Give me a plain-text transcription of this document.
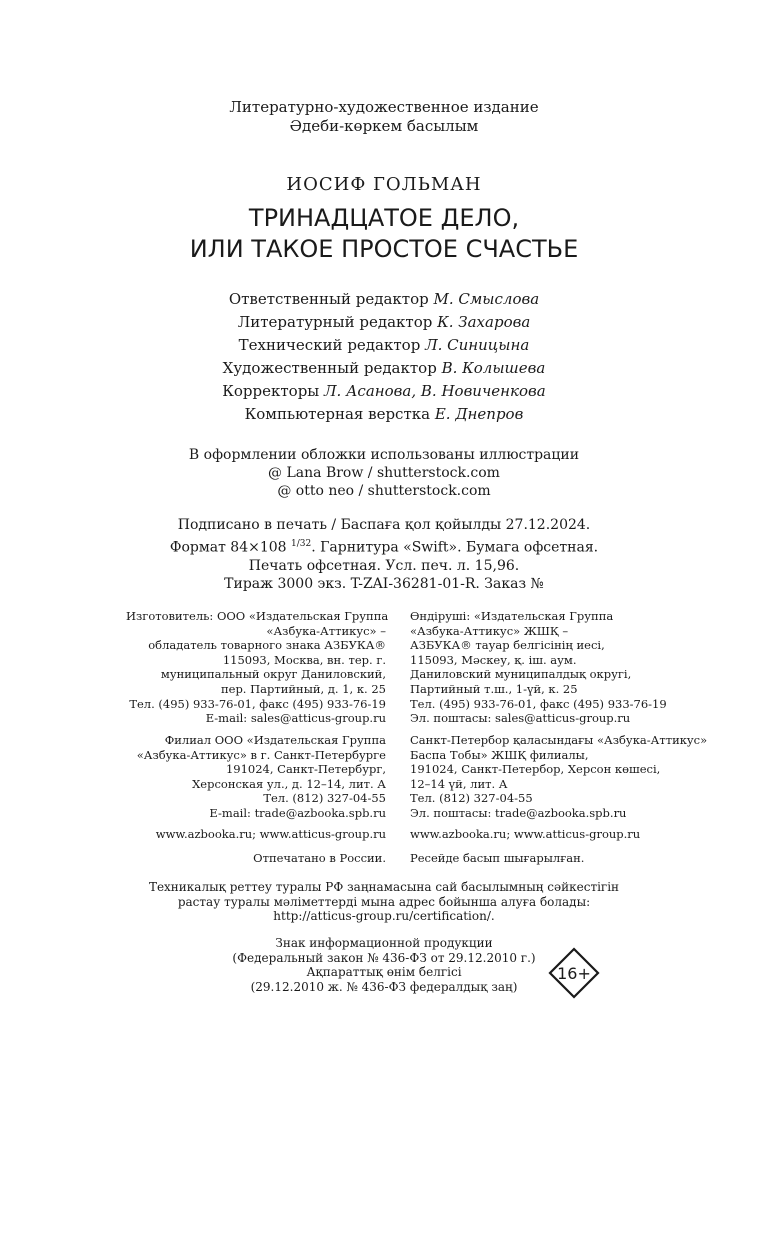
Литературно-художественное издание
Әдеби-көркем басылым
ИОСИФ ГОЛЬМАН
ТРИНАДЦАТОЕ ДЕЛО,
ИЛИ ТАКОЕ ПРОСТОЕ СЧАСТЬЕ
Ответственный редактор М. Смыслова
Литературный редактор К. Захарова
Технический редактор Л. Синицына
Художественный редактор В. Колышева
Корректоры Л. Асанова, В. Новиченкова
Компьютерная верстка Е. Днепров
В оформлении обложки использованы иллюстрации
@ Lana Brow / shutterstock.com
@ otto neo / shutterstock.com
Подписано в печать / Баспаға қол қойылды 27.12.2024.
Формат 84×108 $^{1/32}$. Гарнитура «Swift». Бумага офсетная.
Печать офсетная. Усл. печ. л. 15,96.
Тираж 3000 экз. T-ZAI-36281-01-R. Заказ №
Изготовитель: ООО «Издательская Группа
«Азбука-Аттикус» –
обладатель товарного знака АЗБУКА®
115093, Москва, вн. тер. г.
муниципальный округ Даниловский,
пер. Партийный, д. 1, к. 25
Тел. (495) 933-76-01, факс (495) 933-76-19
E-mail: sales@atticus-group.ru
Өндіруші: «Издательская Группа
«Азбука-Аттикус» ЖШҚ –
АЗБУКА® тауар белгісінің иесі,
115093, Мәскеу, қ. іш. аум.
Даниловский муниципалдық округі,
Партийный т.ш., 1-үй, к. 25
Тел. (495) 933-76-01, факс (495) 933-76-19
Эл. поштасы: sales@atticus-group.ru
Филиал ООО «Издательская Группа
«Азбука-Аттикус» в г. Санкт-Петербурге
191024, Санкт-Петербург,
Херсонская ул., д. 12–14, лит. А
Тел. (812) 327-04-55
E-mail: trade@azbooka.spb.ru
Санкт-Петербор қаласындағы «Азбука-Аттикус»
Баспа Тобы» ЖШҚ филиалы,
191024, Санкт-Петербор, Херсон көшесі,
12–14 үй, лит. А
Тел. (812) 327-04-55
Эл. поштасы: trade@azbooka.spb.ru
www.azbooka.ru; www.atticus-group.ru www.azbooka.ru; www.atticus-group.ru
Отпечатано в России. Ресейде басып шығарылған.
Техникалық реттеу туралы РФ заңнамасына сай басылымның сәйкестігін
растау туралы мәліметтерді мына адрес бойынша алуға болады:
http://atticus-group.ru/certification/.
Знак информационной продукции
(Федеральный закон № 436-ФЗ от 29.12.2010 г.)
Ақпараттық өнім белгісі
(29.12.2010 ж. № 436-ФЗ федералдық заң)
16+
